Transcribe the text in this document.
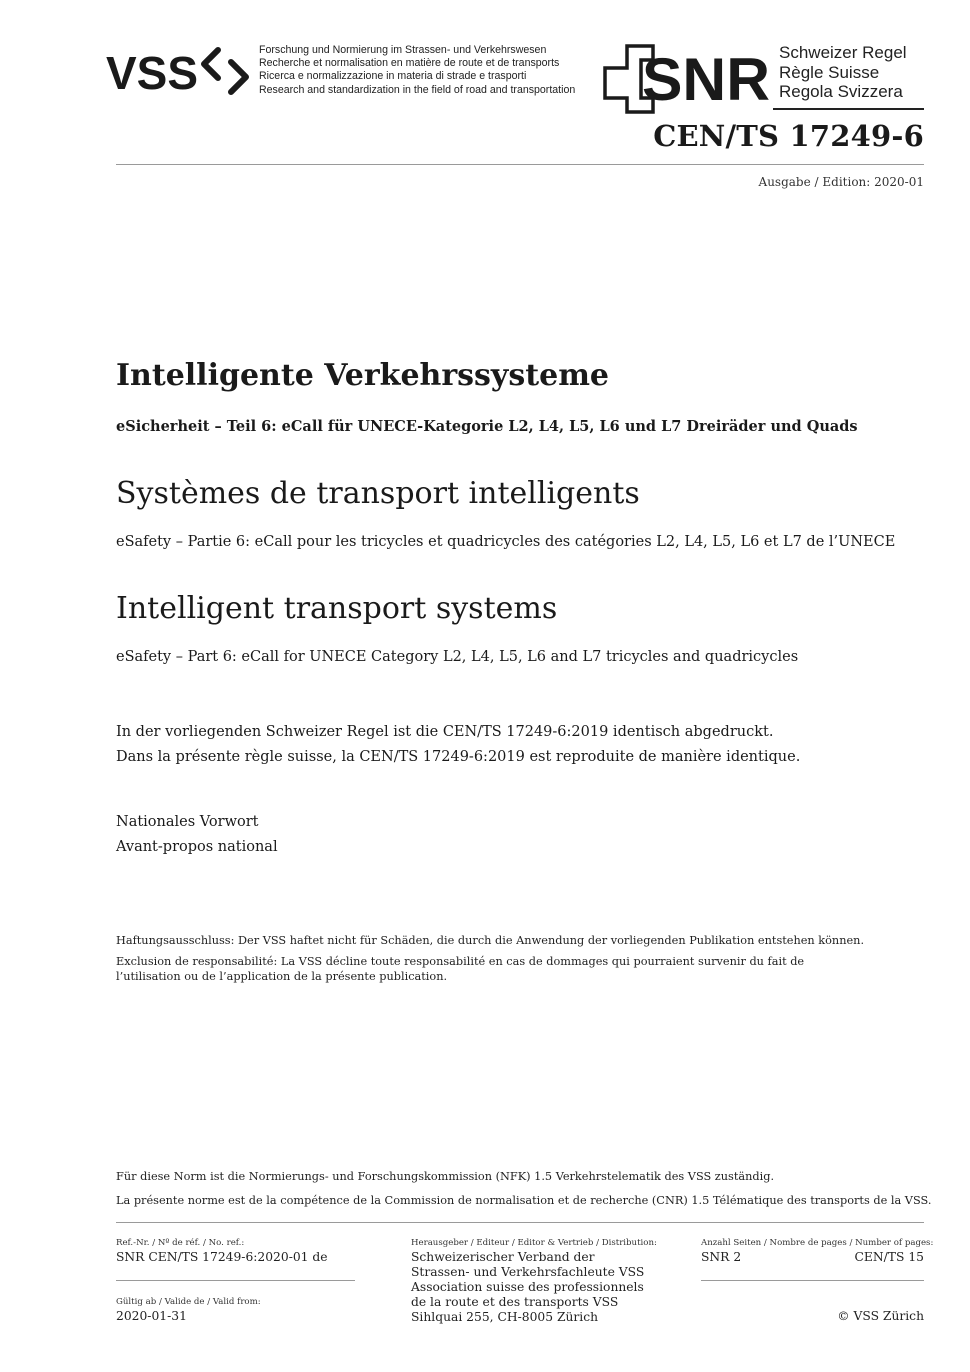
VSS	Forschung und Normierung im Strassen- und Verkehrswesen
Recherche et normalisation en matière de route et de transports
Ricerca e normalizzazione in materia di strade e trasporti
Research and standardization in the field of road and transportation SNR Schweizer Regel
Règle Suisse
Regola Svizzera
CEN/TS 17249-6
Ausgabe / Edition: 2020-01
Intelligente Verkehrssysteme
eSicherheit – Teil 6: eCall für UNECE-Kategorie L2, L4, L5, L6 und L7 Dreiräder und Quads
Systèmes de transport intelligents
eSafety – Partie 6: eCall pour les tricycles et quadricycles des catégories L2, L4, L5, L6 et L7 de l’UNECE
Intelligent transport systems
eSafety – Part 6: eCall for UNECE Category L2, L4, L5, L6 and L7 tricycles and quadricycles
In der vorliegenden Schweizer Regel ist die CEN/TS 17249-6:2019 identisch abgedruckt.
Dans la présente règle suisse, la CEN/TS 17249-6:2019 est reproduite de manière identique.
Nationales Vorwort
Avant-propos national
Haftungsausschluss: Der VSS haftet nicht für Schäden, die durch die Anwendung der vorliegenden Publikation entstehen können.
Exclusion de responsabilité: La VSS décline toute responsabilité en cas de dommages qui pourraient survenir du fait de l’utilisation ou de l’application de la présente publication.
Für diese Norm ist die Normierungs- und Forschungskommission (NFK) 1.5 Verkehrstelematik des VSS zuständig.
La présente norme est de la compétence de la Commission de normalisation et de recherche (CNR) 1.5 Télématique des transports de la VSS.
Ref.-Nr. / Nº de réf. / No. ref.:
SNR CEN/TS 17249-6:2020-01 de
Gültig ab / Valide de / Valid from:
2020-01-31
Herausgeber / Editeur / Editor & Vertrieb / Distribution:
Schweizerischer Verband der
Strassen- und Verkehrsfachleute VSS
Association suisse des professionnels
de la route et des transports VSS
Sihlquai 255, CH-8005 Zürich
Anzahl Seiten / Nombre de pages / Number of pages:
SNR 2	CEN/TS 15
© VSS Zürich
